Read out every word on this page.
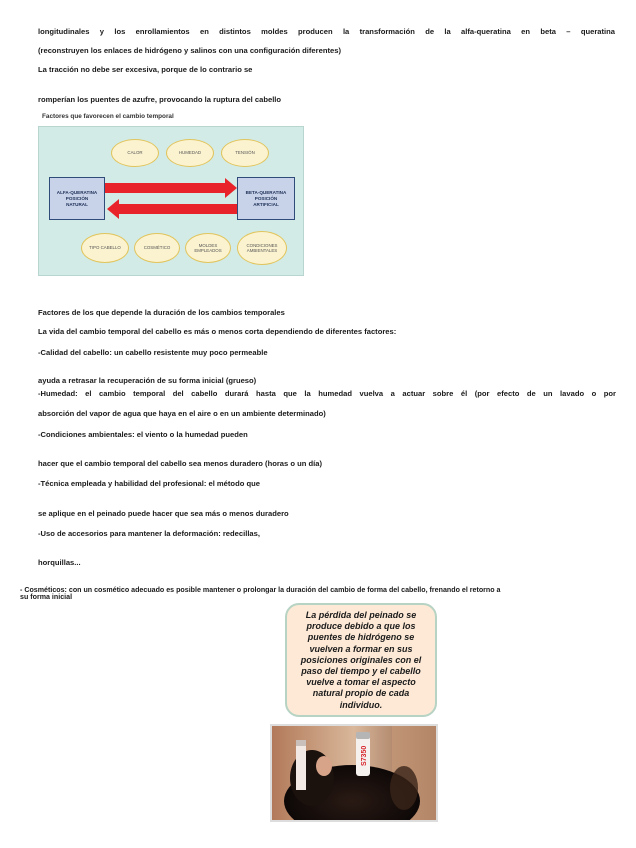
longitudinales y los enrollamientos en distintos moldes producen la transformación de la alfa-queratina en beta – queratina
(reconstruyen los enlaces de hidrógeno y salinos con una configuración diferentes)
La tracción no debe ser excesiva, porque de lo contrario se
romperían los puentes de azufre, provocando la ruptura del cabello
Factores que favorecen el cambio temporal
CALOR	HUMEDAD	TENSIÓN
ALFA-QUERATINA
POSICIÓN
NATURAL
BETA-QUERATINA
POSICIÓN
ARTIFICIAL
TIPO CABELLO	COSMÉTICO
MOLDES EMPLEADOS
CONDICIONES AMBIENTALES
Factores de los que depende la duración de los cambios temporales
La vida del cambio temporal del cabello es más o menos corta dependiendo de diferentes factores:
-Calidad del cabello: un cabello resistente muy poco permeable
ayuda a retrasar la recuperación de su forma inicial (grueso)
-Humedad: el cambio temporal del cabello durará hasta que la humedad vuelva a actuar sobre él (por efecto de un lavado o por
absorción del vapor de agua que haya en el aire o en un ambiente determinado)
-Condiciones ambientales: el viento o la humedad pueden
hacer que el cambio temporal del cabello sea menos duradero (horas o un día)
-Técnica empleada y habilidad del profesional: el método que
se aplique en el peinado puede hacer que sea más o menos duradero
-Uso de accesorios para mantener la deformación: redecillas,
horquillas...
- Cosméticos: con un cosmético adecuado es posible mantener o prolongar la duración del cambio de forma del cabello, frenando el retorno a
su forma inicial
La pérdida del peinado se produce debido a que los puentes de hidrógeno se vuelven a formar en sus posiciones originales con el paso del tiempo y el cabello vuelve a tomar el aspecto natural propio de cada individuo.
S7350
